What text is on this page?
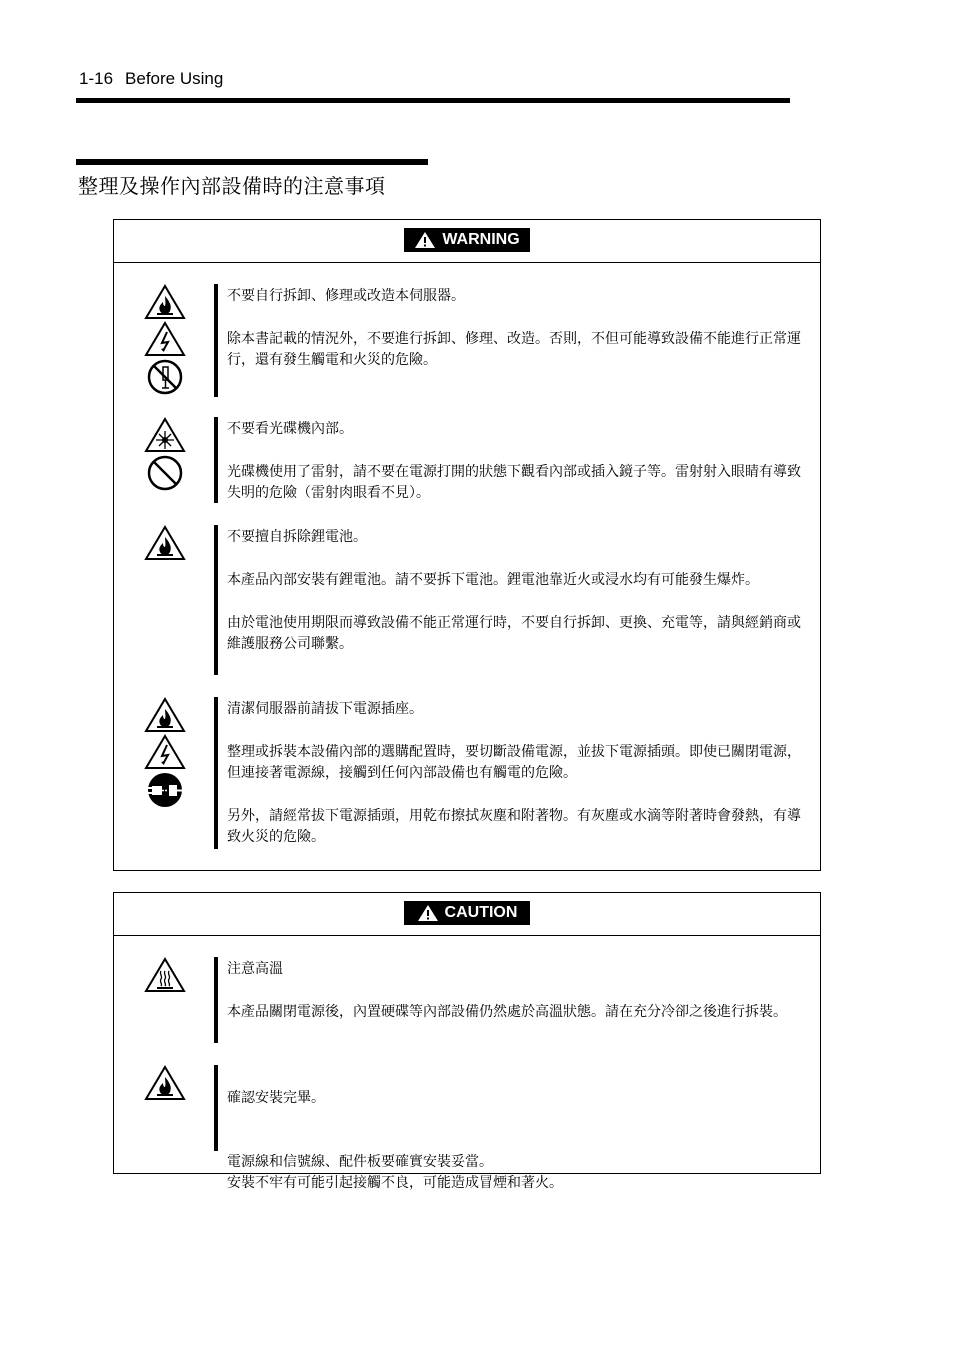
1-16 Before Using
整理及操作內部設備時的注意事項
WARNING

不要自行拆卸、修理或改造本伺服器。

除本書記載的情況外，不要進行拆卸、修理、改造。否則，不但可能導致設備不能進行正常運行，還有發生觸電和火災的危險。

不要看光碟機內部。

光碟機使用了雷射，請不要在電源打開的狀態下觀看內部或插入鏡子等。雷射射入眼睛有導致失明的危險（雷射肉眼看不見）。

不要擅自拆除鋰電池。

本產品內部安裝有鋰電池。請不要拆下電池。鋰電池靠近火或浸水均有可能發生爆炸。

由於電池使用期限而導致設備不能正常運行時，不要自行拆卸、更換、充電等，請與經銷商或維護服務公司聯繫。

清潔伺服器前請拔下電源插座。

整理或拆裝本設備內部的選購配置時，要切斷設備電源，並拔下電源插頭。即使已關閉電源，但連接著電源線，接觸到任何內部設備也有觸電的危險。

另外，請經常拔下電源插頭，用乾布擦拭灰塵和附著物。有灰塵或水滴等附著時會發熱，有導致火災的危險。

CAUTION

注意高溫

本產品關閉電源後，內置硬碟等內部設備仍然處於高溫狀態。請在充分冷卻之後進行拆裝。

確認安裝完畢。

電源線和信號線、配件板要確實安裝妥當。
安裝不牢有可能引起接觸不良，可能造成冒煙和著火。
